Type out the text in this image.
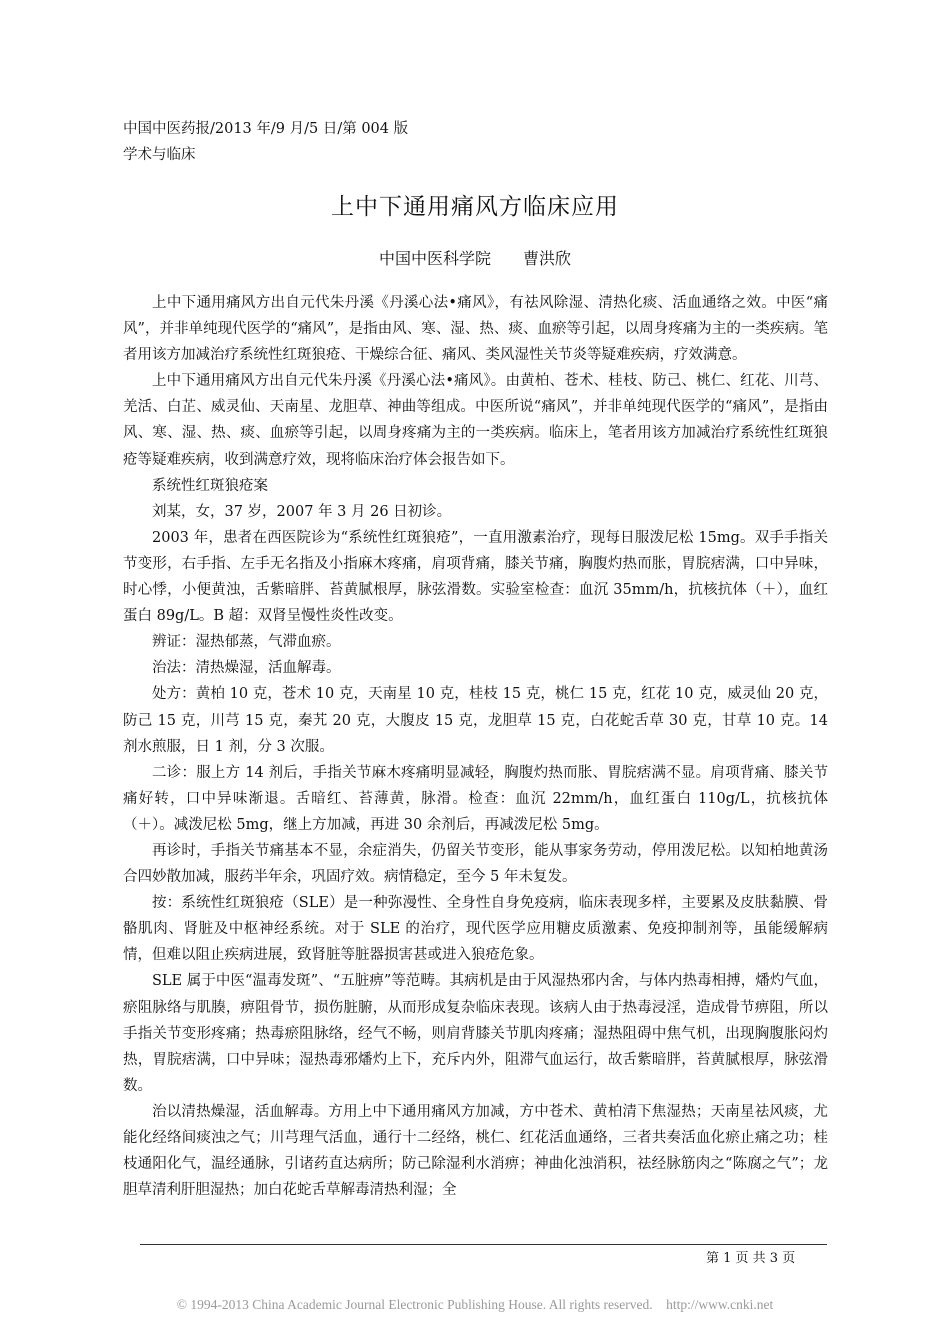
中国中医药报/2013 年/9 月/5 日/第 004 版
学术与临床
上中下通用痛风方临床应用
中国中医科学院　　曹洪欣

上中下通用痛风方出自元代朱丹溪《丹溪心法•痛风》，有祛风除湿、清热化痰、活血通络之效。中医“痛风”，并非单纯现代医学的“痛风”，是指由风、寒、湿、热、痰、血瘀等引起，以周身疼痛为主的一类疾病。笔者用该方加减治疗系统性红斑狼疮、干燥综合征、痛风、类风湿性关节炎等疑难疾病，疗效满意。

上中下通用痛风方出自元代朱丹溪《丹溪心法•痛风》。由黄柏、苍术、桂枝、防己、桃仁、红花、川芎、羌活、白芷、威灵仙、天南星、龙胆草、神曲等组成。中医所说“痛风”，并非单纯现代医学的“痛风”，是指由风、寒、湿、热、痰、血瘀等引起，以周身疼痛为主的一类疾病。临床上，笔者用该方加减治疗系统性红斑狼疮等疑难疾病，收到满意疗效，现将临床治疗体会报告如下。

系统性红斑狼疮案

刘某，女，37 岁，2007 年 3 月 26 日初诊。

2003 年，患者在西医院诊为“系统性红斑狼疮”，一直用激素治疗，现每日服泼尼松 15mg。双手手指关节变形，右手指、左手无名指及小指麻木疼痛，肩项背痛，膝关节痛，胸腹灼热而胀，胃脘痞满，口中异味，时心悸，小便黄浊，舌紫暗胖、苔黄腻根厚，脉弦滑数。实验室检查：血沉 35mm/h，抗核抗体（＋），血红蛋白 89g/L。B 超：双肾呈慢性炎性改变。

辨证：湿热郁蒸，气滞血瘀。

治法：清热燥湿，活血解毒。

处方：黄柏 10 克，苍术 10 克，天南星 10 克，桂枝 15 克，桃仁 15 克，红花 10 克，威灵仙 20 克，防己 15 克，川芎 15 克，秦艽 20 克，大腹皮 15 克，龙胆草 15 克，白花蛇舌草 30 克，甘草 10 克。14 剂水煎服，日 1 剂，分 3 次服。

二诊：服上方 14 剂后，手指关节麻木疼痛明显减轻，胸腹灼热而胀、胃脘痞满不显。肩项背痛、膝关节痛好转，口中异味渐退。舌暗红、苔薄黄，脉滑。检查：血沉 22mm/h，血红蛋白 110g/L，抗核抗体（＋）。减泼尼松 5mg，继上方加减，再进 30 余剂后，再减泼尼松 5mg。

再诊时，手指关节痛基本不显，余症消失，仍留关节变形，能从事家务劳动，停用泼尼松。以知柏地黄汤合四妙散加减，服药半年余，巩固疗效。病情稳定，至今 5 年未复发。

按：系统性红斑狼疮（SLE）是一种弥漫性、全身性自身免疫病，临床表现多样，主要累及皮肤黏膜、骨骼肌肉、肾脏及中枢神经系统。对于 SLE 的治疗，现代医学应用糖皮质激素、免疫抑制剂等，虽能缓解病情，但难以阻止疾病进展，致肾脏等脏器损害甚或进入狼疮危象。

SLE 属于中医“温毒发斑”、“五脏痹”等范畴。其病机是由于风湿热邪内舍，与体内热毒相搏，燔灼气血，瘀阻脉络与肌腠，痹阻骨节，损伤脏腑，从而形成复杂临床表现。该病人由于热毒浸淫，造成骨节痹阻，所以手指关节变形疼痛；热毒瘀阻脉络，经气不畅，则肩背膝关节肌肉疼痛；湿热阻碍中焦气机，出现胸腹胀闷灼热，胃脘痞满，口中异味；湿热毒邪燔灼上下，充斥内外，阻滞气血运行，故舌紫暗胖，苔黄腻根厚，脉弦滑数。

治以清热燥湿，活血解毒。方用上中下通用痛风方加减，方中苍术、黄柏清下焦湿热；天南星祛风痰，尤能化经络间痰浊之气；川芎理气活血，通行十二经络，桃仁、红花活血通络，三者共奏活血化瘀止痛之功；桂枝通阳化气，温经通脉，引诸药直达病所；防己除湿利水消痹；神曲化浊消积，祛经脉筋肉之“陈腐之气”；龙胆草清利肝胆湿热；加白花蛇舌草解毒清热利湿；全

第 1 页 共 3 页
© 1994-2013 China Academic Journal Electronic Publishing House. All rights reserved.    http://www.cnki.net
